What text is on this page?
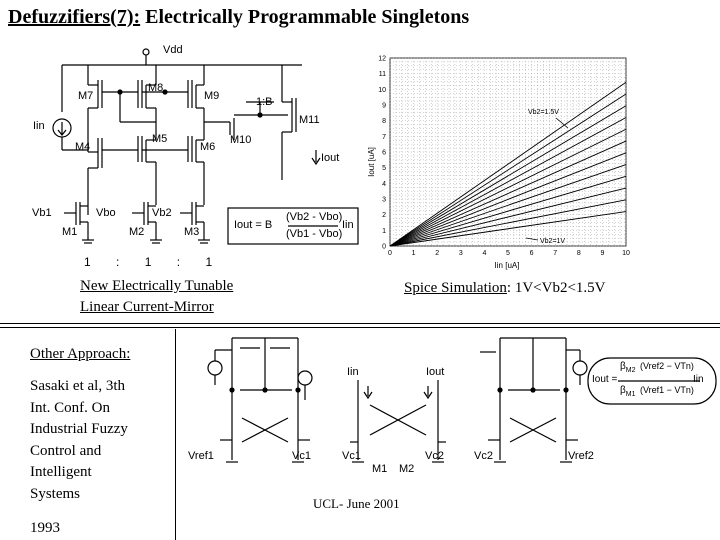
Defuzzifiers(7): Electrically Programmable Singletons
Vdd
M7
M8
M9
Iin
1:B
M11
M4
M5
M6
M10
Iout
Vb1	Vbo	Vb2
M1	M2	M3
1 : 1 : 1
Iout = B
(Vb2 - Vbo)
(Vb1 - Vbo)
Iin
New Electrically Tunable
Linear Current-Mirror
0	1	2	3	4	5	6	7	8	9	10
0
1
2
3
4
5
6
7
8
9
10
11
12
Iin [uA]
Iout [uA]
Vb2=1.5V
Vb2=1V
Spice Simulation: 1V<Vb2<1.5V
Other Approach:
Sasaki et al, 3th
Int. Conf. On
Industrial Fuzzy
Control and
Intelligent
Systems
1993
Iin	Iout
Vref1	Vc1	Vc1
M1 M2
Vc2	Vc2	Vref2
Iout =
$\beta_{M2}$
$\beta_{M1}$
(Vref2 − VTn)
(Vref1 − VTn)
Iin
UCL- June 2001
